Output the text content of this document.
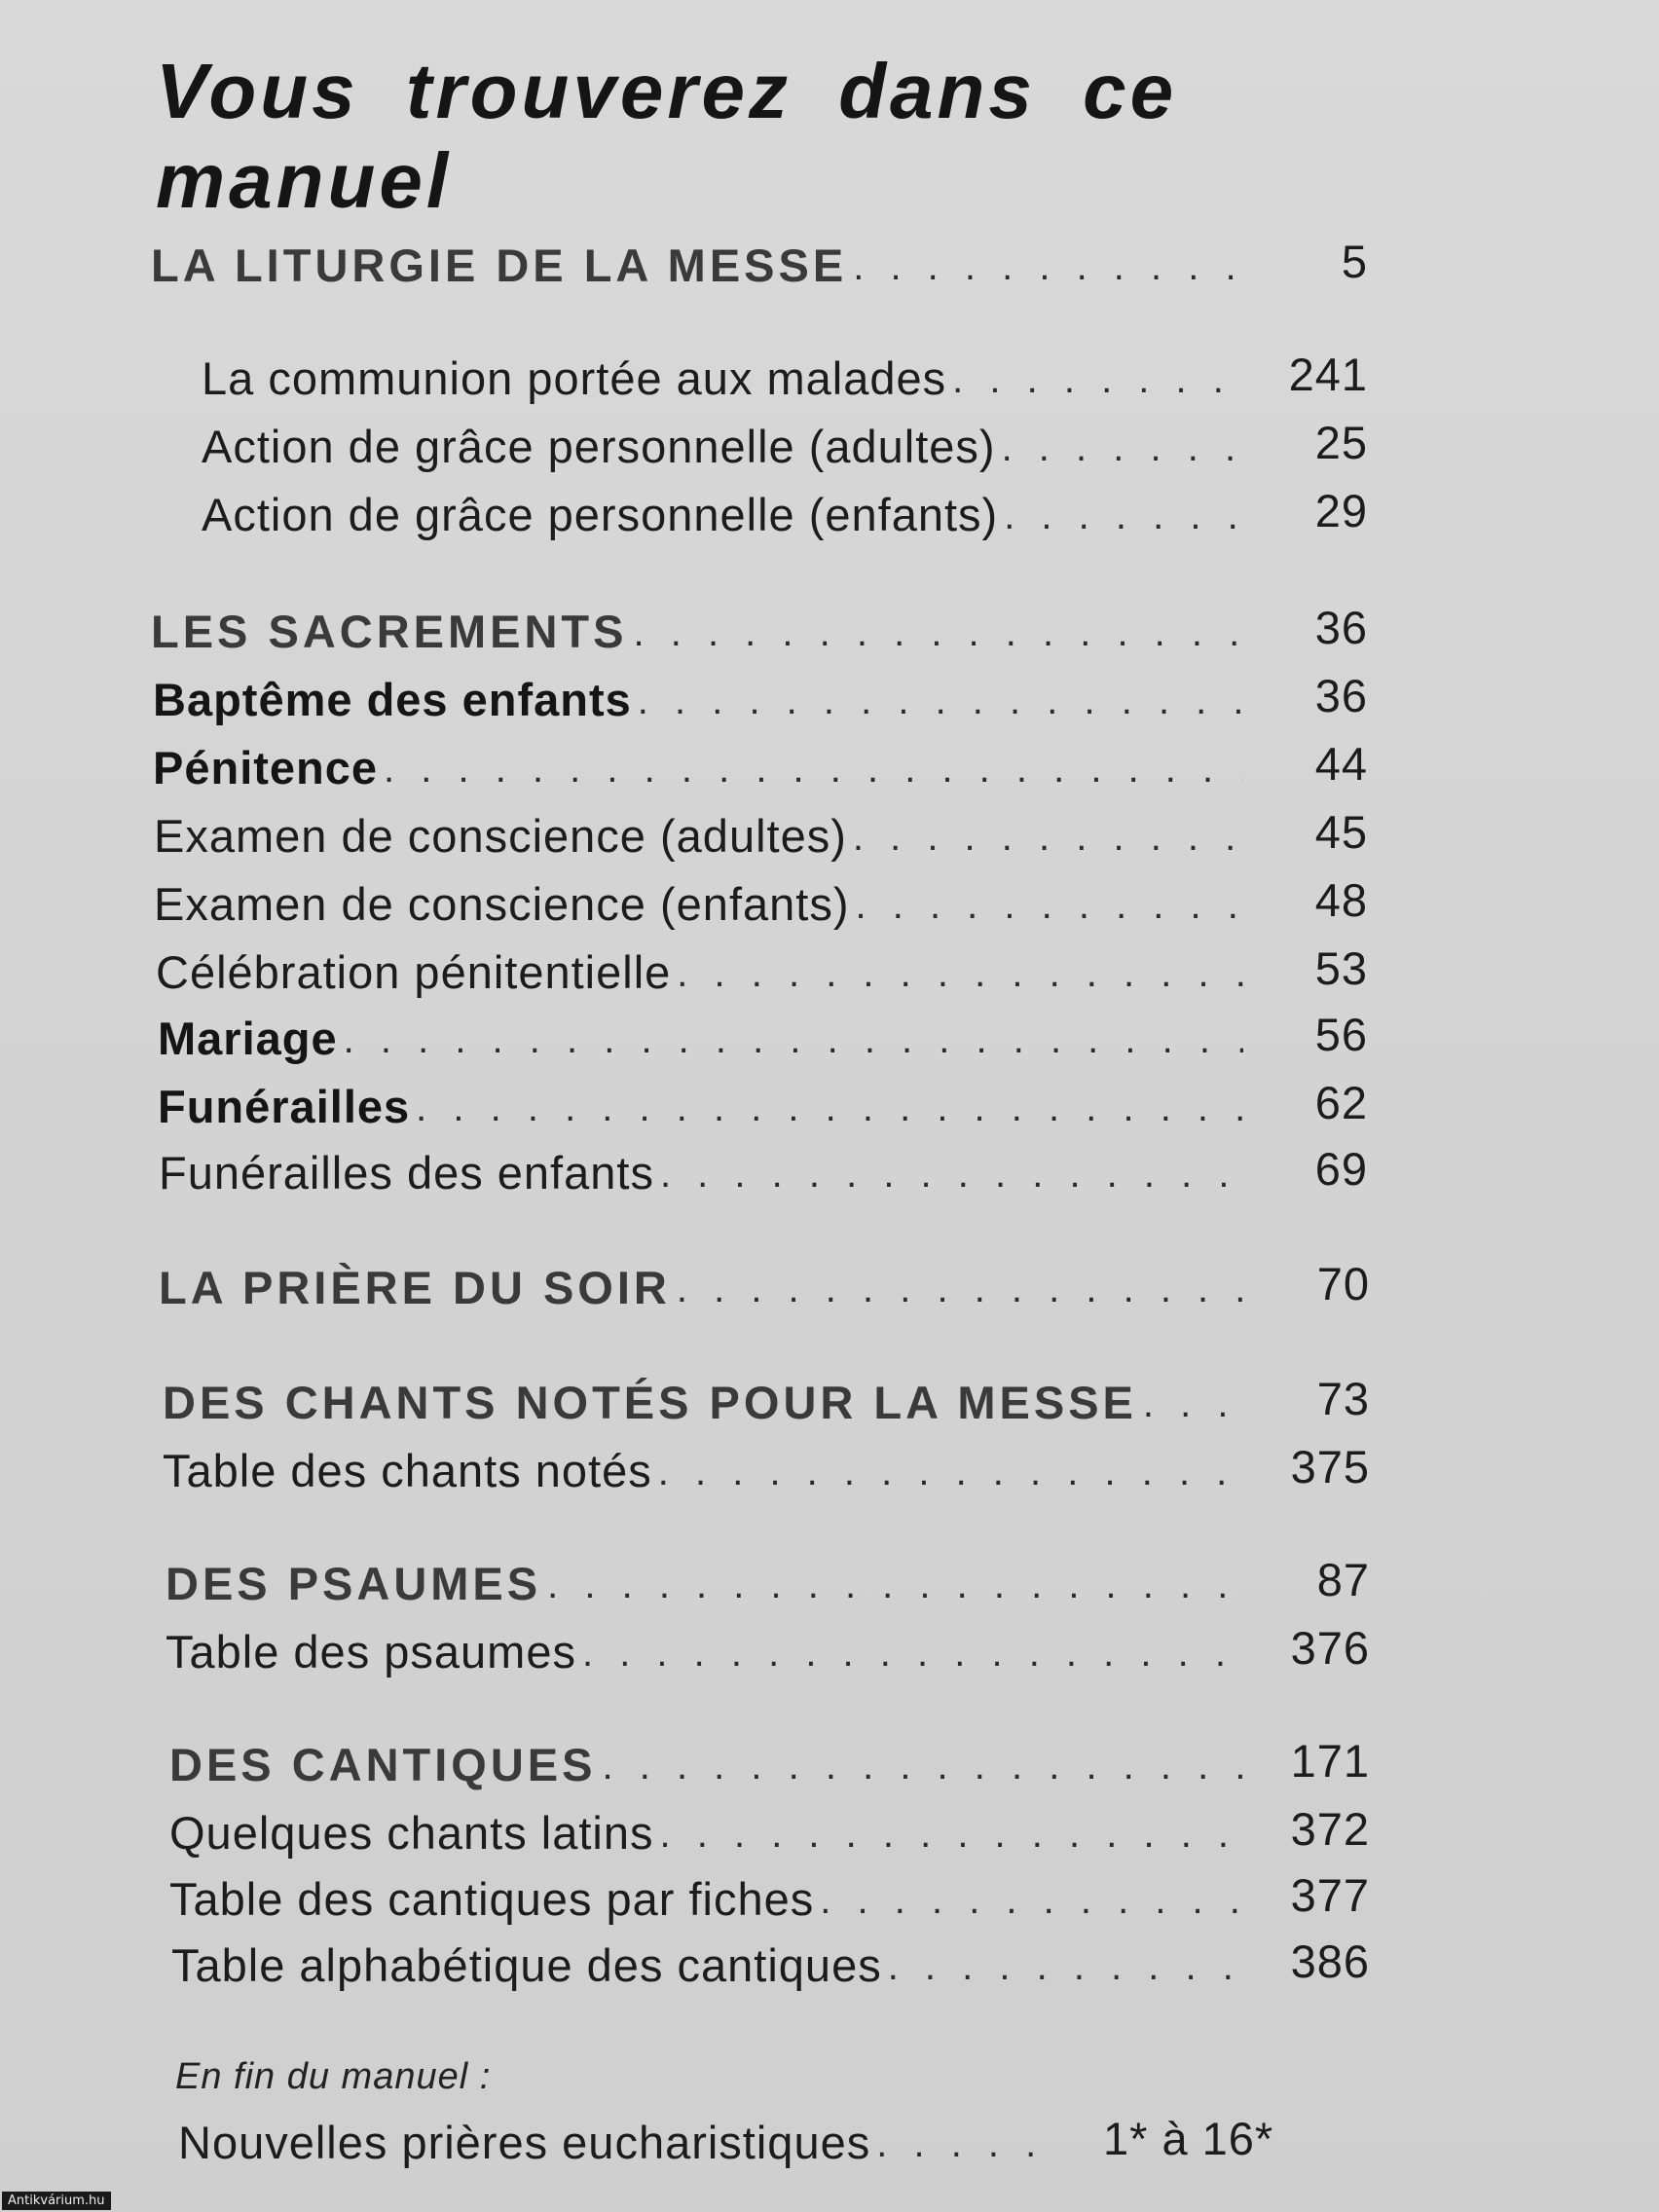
Vous trouverez dans ce manuel
LA LITURGIE DE LA MESSE . . .	5
La communion portée aux malades . . .	241
Action de grâce personnelle (adultes) . . .	25
Action de grâce personnelle (enfants) . . .	29
LES SACREMENTS . . .	36
Baptême des enfants . . .	36
Pénitence . . .	44
Examen de conscience (adultes) . . .	45
Examen de conscience (enfants) . . .	48
Célébration pénitentielle . . .	53
Mariage . . .	56
Funérailles . . .	62
Funérailles des enfants . . .	69
LA PRIÈRE DU SOIR . . .	70
DES CHANTS NOTÉS POUR LA MESSE . . .	73
Table des chants notés . . .	375
DES PSAUMES . . .	87
Table des psaumes . . .	376
DES CANTIQUES . . .	171
Quelques chants latins . . .	372
Table des cantiques par fiches . . .	377
Table alphabétique des cantiques . . .	386
En fin du manuel :
Nouvelles prières eucharistiques . . .	1* à 16*
Antikvárium.hu
